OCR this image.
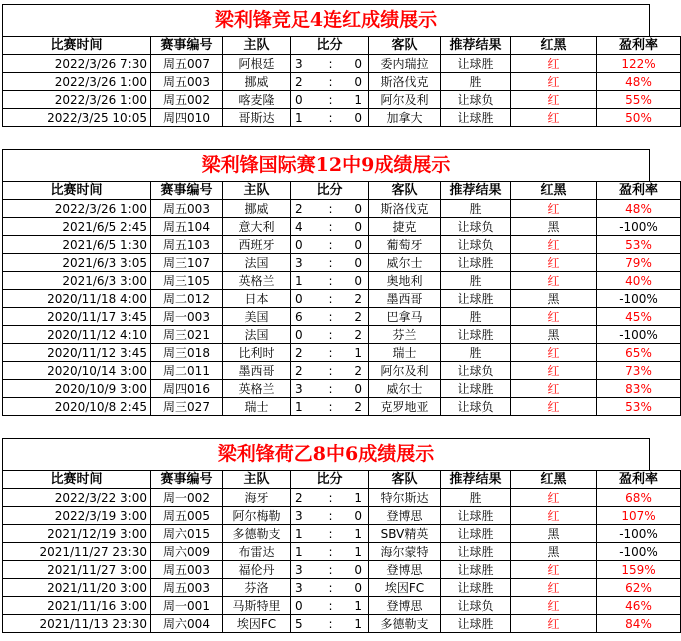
梁利锋竞足4连红成绩展示
比赛时间	赛事编号	主队	比分			客队	推荐结果	红黑	盈利率
2022/3/26 7:30	周五007	阿根廷	3	:	0	委内瑞拉	让球胜	红	122%
2022/3/26 1:00	周五003	挪威	2	:	0	斯洛伐克	胜	红	48%
2022/3/26 1:00	周五002	喀麦隆	0	:	1	阿尔及利	让球负	红	55%
2022/3/25 10:05	周四010	哥斯达	1	:	0	加拿大	让球胜	红	50%
梁利锋国际赛12中9成绩展示
比赛时间	赛事编号	主队	比分			客队	推荐结果	红黑	盈利率
2022/3/26 1:00	周五003	挪威	2	:	0	斯洛伐克	胜	红	48%
2021/6/5 2:45	周五104	意大利	4	:	0	捷克	让球负	黑	-100%
2021/6/5 1:30	周五103	西班牙	0	:	0	葡萄牙	让球负	红	53%
2021/6/3 3:05	周三107	法国	3	:	0	威尔士	让球胜	红	79%
2021/6/3 3:00	周三105	英格兰	1	:	0	奥地利	胜	红	40%
2020/11/18 4:00	周二012	日本	0	:	2	墨西哥	让球胜	黑	-100%
2020/11/17 3:45	周一003	美国	6	:	2	巴拿马	胜	红	45%
2020/11/12 4:10	周三021	法国	0	:	2	芬兰	让球胜	黑	-100%
2020/11/12 3:45	周三018	比利时	2	:	1	瑞士	胜	红	65%
2020/10/14 3:00	周二011	墨西哥	2	:	2	阿尔及利	让球负	红	73%
2020/10/9 3:00	周四016	英格兰	3	:	0	威尔士	让球胜	红	83%
2020/10/8 2:45	周三027	瑞士	1	:	2	克罗地亚	让球负	红	53%
梁利锋荷乙8中6成绩展示
比赛时间	赛事编号	主队	比分			客队	推荐结果	红黑	盈利率
2022/3/22 3:00	周一002	海牙	2	:	1	特尔斯达	胜	红	68%
2022/3/19 3:00	周五005	阿尔梅勒	3	:	0	登博思	让球胜	红	107%
2021/12/19 3:00	周六015	多德勒支	1	:	1	SBV精英	让球胜	黑	-100%
2021/11/27 23:30	周六009	布雷达	1	:	1	海尔蒙特	让球胜	黑	-100%
2021/11/27 3:00	周五003	福伦丹	3	:	0	登博思	让球胜	红	159%
2021/11/20 3:00	周五003	芬洛	3	:	0	埃因FC	让球胜	红	62%
2021/11/16 3:00	周一001	马斯特里	0	:	1	登博思	让球负	红	46%
2021/11/13 23:30	周六004	埃因FC	5	:	1	多德勒支	让球胜	红	84%
